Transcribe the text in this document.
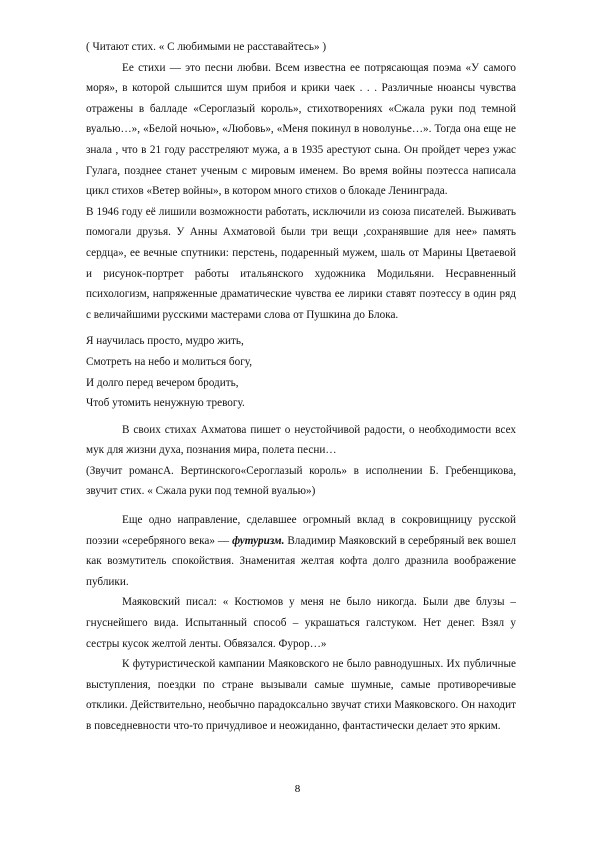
( Читают стих. « С любимыми не расставайтесь» )

Ее стихи — это песни любви. Всем известна ее потрясающая поэма «У самого моря», в которой слышится шум прибоя и крики чаек . . . Различные нюансы чувства отражены в балладе «Сероглазый король», стихотворениях «Сжала руки под темной вуалью…», «Белой ночью», «Любовь», «Меня покинул в новолунье…». Тогда она еще не знала , что в 21 году расстреляют мужа, а в 1935 арестуют сына. Он пройдет через ужас Гулага, позднее станет ученым с мировым именем. Во время войны поэтесса написала цикл стихов «Ветер войны», в котором много стихов о блокаде Ленинграда.

В 1946 году её лишили возможности работать, исключили из союза писателей. Выживать помогали друзья. У Анны Ахматовой были три вещи ,сохранявшие для нее» память сердца», ее вечные спутники: перстень, подаренный мужем, шаль от Марины Цветаевой и рисунок-портрет работы итальянского художника Модильяни. Несравненный психологизм, напряженные драматические чувства ее лирики ставят поэтессу в один ряд с величайшими русскими мастерами слова от Пушкина до Блока.

Я научилась просто, мудро жить,
Смотреть на небо и молиться богу,
И долго перед вечером бродить,
Чтоб утомить ненужную тревогу.

В своих стихах Ахматова пишет о неустойчивой радости, о необходимости всех мук для жизни духа, познания мира, полета песни…

(Звучит романсА. Вертинского«Сероглазый король» в исполнении Б. Гребенщикова, звучит стих. « Сжала руки под темной вуалью»)

Еще одно направление, сделавшее огромный вклад в сокровищницу русской поэзии «серебряного века» — футуризм. Владимир Маяковский в серебряный век вошел как возмутитель спокойствия. Знаменитая желтая кофта долго дразнила воображение публики.

Маяковский писал: « Костюмов у меня не было никогда. Были две блузы – гнуснейшего вида. Испытанный способ – украшаться галстуком. Нет денег. Взял у сестры кусок желтой ленты. Обвязался. Фурор…»

К футуристической кампании Маяковского не было равнодушных. Их публичные выступления, поездки по стране вызывали самые шумные, самые противоречивые отклики. Действительно, необычно парадоксально звучат стихи Маяковского. Он находит в повседневности что-то причудливое и неожиданно, фантастически делает это ярким.

8
